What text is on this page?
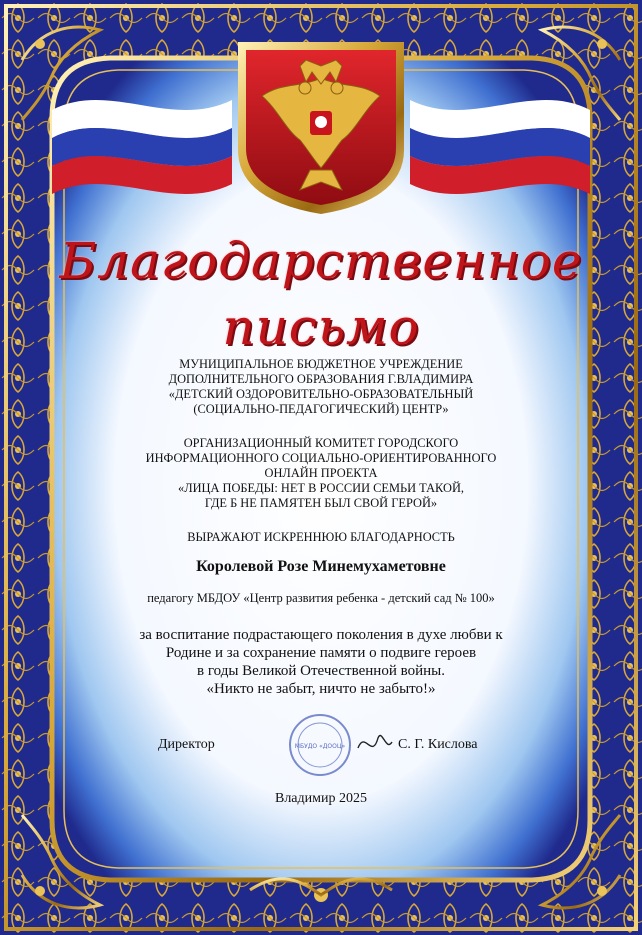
МБУДО «ДООЦ»
Благодарственное
письмо
МУНИЦИПАЛЬНОЕ БЮДЖЕТНОЕ УЧРЕЖДЕНИЕ
ДОПОЛНИТЕЛЬНОГО ОБРАЗОВАНИЯ Г.ВЛАДИМИРА
«ДЕТСКИЙ ОЗДОРОВИТЕЛЬНО-ОБРАЗОВАТЕЛЬНЫЙ
(СОЦИАЛЬНО-ПЕДАГОГИЧЕСКИЙ) ЦЕНТР»
ОРГАНИЗАЦИОННЫЙ КОМИТЕТ ГОРОДСКОГО
ИНФОРМАЦИОННОГО СОЦИАЛЬНО-ОРИЕНТИРОВАННОГО
ОНЛАЙН ПРОЕКТА
«ЛИЦА ПОБЕДЫ: НЕТ В РОССИИ СЕМЬИ ТАКОЙ,
ГДЕ Б НЕ ПАМЯТЕН БЫЛ СВОЙ ГЕРОЙ»
ВЫРАЖАЮТ ИСКРЕННЮЮ БЛАГОДАРНОСТЬ
Королевой Розе Минемухаметовне
педагогу МБДОУ «Центр развития ребенка - детский сад № 100»
за воспитание подрастающего поколения в духе любви к
Родине и за сохранение памяти о подвиге героев
в годы Великой Отечественной войны.
«Никто не забыт, ничто не забыто!»
Директор	С. Г. Кислова
Владимир 2025
